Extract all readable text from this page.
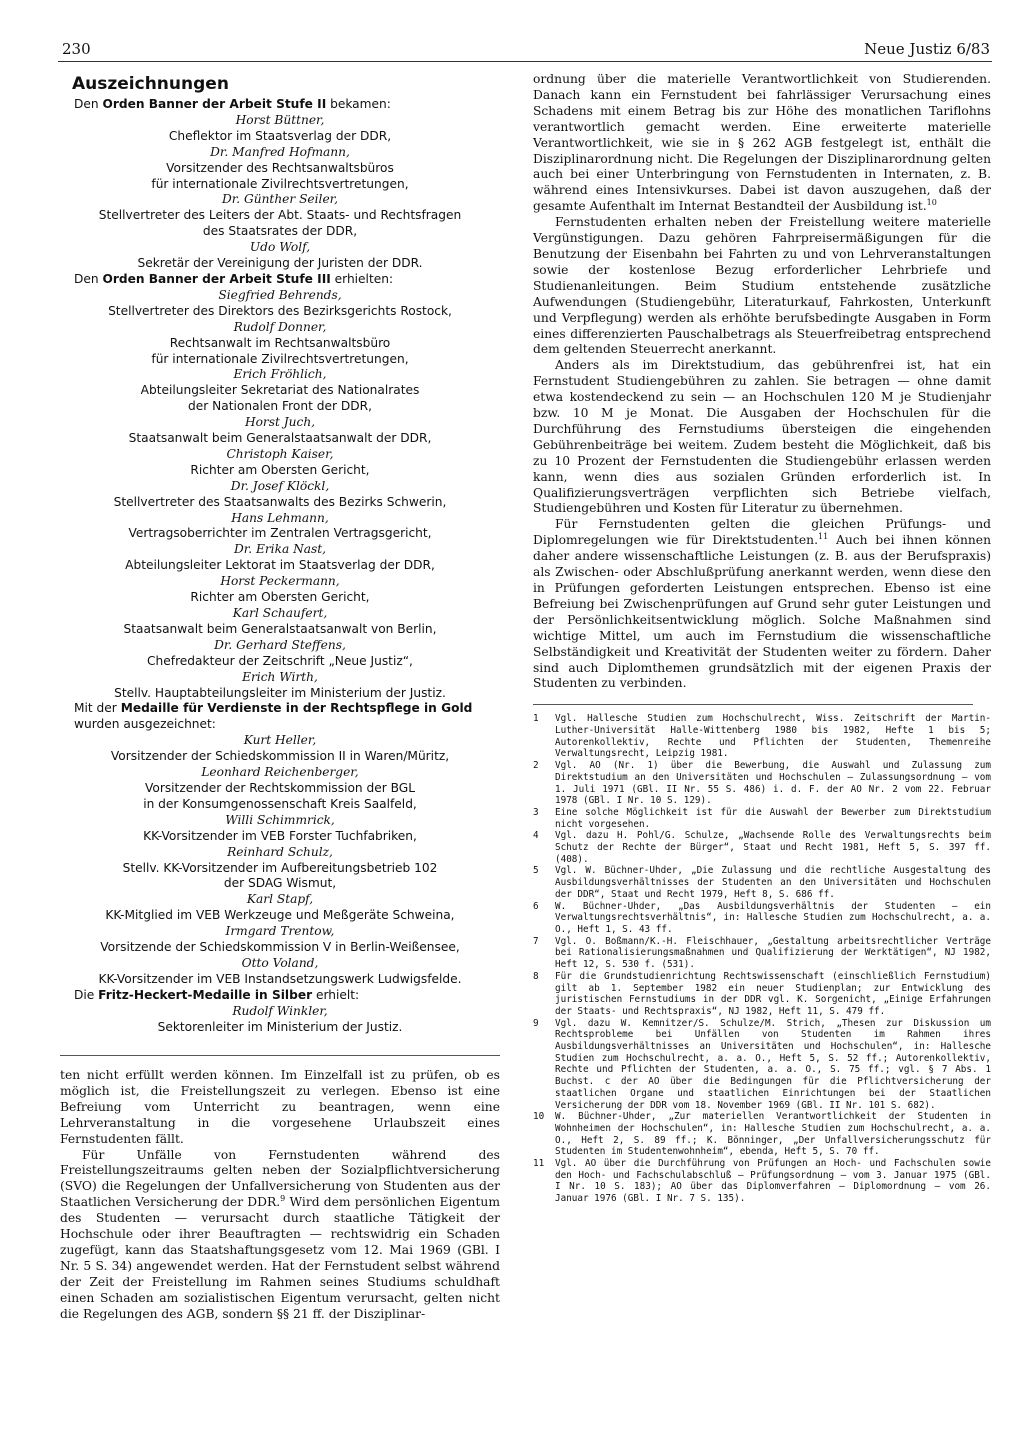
230	Neue Justiz 6/83
Auszeichnungen
Den Orden Banner der Arbeit Stufe II bekamen:
Horst Büttner,
Cheflektor im Staatsverlag der DDR,
Dr. Manfred Hofmann,
Vorsitzender des Rechtsanwaltsbüros
für internationale Zivilrechtsvertretungen,
Dr. Günther Seiler,
Stellvertreter des Leiters der Abt. Staats- und Rechtsfragen
des Staatsrates der DDR,
Udo Wolf,
Sekretär der Vereinigung der Juristen der DDR.
Den Orden Banner der Arbeit Stufe III erhielten:
Siegfried Behrends,
Stellvertreter des Direktors des Bezirksgerichts Rostock,
Rudolf Donner,
Rechtsanwalt im Rechtsanwaltsbüro
für internationale Zivilrechtsvertretungen,
Erich Fröhlich,
Abteilungsleiter Sekretariat des Nationalrates
der Nationalen Front der DDR,
Horst Juch,
Staatsanwalt beim Generalstaatsanwalt der DDR,
Christoph Kaiser,
Richter am Obersten Gericht,
Dr. Josef Klöckl,
Stellvertreter des Staatsanwalts des Bezirks Schwerin,
Hans Lehmann,
Vertragsoberrichter im Zentralen Vertragsgericht,
Dr. Erika Nast,
Abteilungsleiter Lektorat im Staatsverlag der DDR,
Horst Peckermann,
Richter am Obersten Gericht,
Karl Schaufert,
Staatsanwalt beim Generalstaatsanwalt von Berlin,
Dr. Gerhard Steffens,
Chefredakteur der Zeitschrift „Neue Justiz“,
Erich Wirth,
Stellv. Hauptabteilungsleiter im Ministerium der Justiz.
Mit der Medaille für Verdienste in der Rechtspflege in Gold wurden ausgezeichnet:
Kurt Heller,
Vorsitzender der Schiedskommission II in Waren/Müritz,
Leonhard Reichenberger,
Vorsitzender der Rechtskommission der BGL
in der Konsumgenossenschaft Kreis Saalfeld,
Willi Schimmrick,
KK-Vorsitzender im VEB Forster Tuchfabriken,
Reinhard Schulz,
Stellv. KK-Vorsitzender im Aufbereitungsbetrieb 102
der SDAG Wismut,
Karl Stapf,
KK-Mitglied im VEB Werkzeuge und Meßgeräte Schweina,
Irmgard Trentow,
Vorsitzende der Schiedskommission V in Berlin-Weißensee,
Otto Voland,
KK-Vorsitzender im VEB Instandsetzungswerk Ludwigsfelde.
Die Fritz-Heckert-Medaille in Silber erhielt:
Rudolf Winkler,
Sektorenleiter im Ministerium der Justiz.

ten nicht erfüllt werden können. Im Einzelfall ist zu prüfen, ob es möglich ist, die Freistellungszeit zu verlegen. Ebenso ist eine Befreiung vom Unterricht zu beantragen, wenn eine Lehrveranstaltung in die vorgesehene Urlaubszeit eines Fernstudenten fällt.

Für Unfälle von Fernstudenten während des Freistellungszeitraums gelten neben der Sozialpflichtversicherung (SVO) die Regelungen der Unfallversicherung von Studenten aus der Staatlichen Versicherung der DDR.$^9$ Wird dem persönlichen Eigentum des Studenten — verursacht durch staatliche Tätigkeit der Hochschule oder ihrer Beauftragten — rechtswidrig ein Schaden zugefügt, kann das Staatshaftungsgesetz vom 12. Mai 1969 (GBl. I Nr. 5 S. 34) angewendet werden. Hat der Fernstudent selbst während der Zeit der Freistellung im Rahmen seines Studiums schuldhaft einen Schaden am sozialistischen Eigentum verursacht, gelten nicht die Regelungen des AGB, sondern §§ 21 ff. der Disziplinar-

ordnung über die materielle Verantwortlichkeit von Studierenden. Danach kann ein Fernstudent bei fahrlässiger Verursachung eines Schadens mit einem Betrag bis zur Höhe des monatlichen Tariflohns verantwortlich gemacht werden. Eine erweiterte materielle Verantwortlichkeit, wie sie in § 262 AGB festgelegt ist, enthält die Disziplinarordnung nicht. Die Regelungen der Disziplinarordnung gelten auch bei einer Unterbringung von Fernstudenten in Internaten, z. B. während eines Intensivkurses. Dabei ist davon auszugehen, daß der gesamte Aufenthalt im Internat Bestandteil der Ausbildung ist.$^{10}$

Fernstudenten erhalten neben der Freistellung weitere materielle Vergünstigungen. Dazu gehören Fahrpreisermäßigungen für die Benutzung der Eisenbahn bei Fahrten zu und von Lehrveranstaltungen sowie der kostenlose Bezug erforderlicher Lehrbriefe und Studienanleitungen. Beim Studium entstehende zusätzliche Aufwendungen (Studiengebühr, Literaturkauf, Fahrkosten, Unterkunft und Verpflegung) werden als erhöhte berufsbedingte Ausgaben in Form eines differenzierten Pauschalbetrags als Steuerfreibetrag entsprechend dem geltenden Steuerrecht anerkannt.

Anders als im Direktstudium, das gebührenfrei ist, hat ein Fernstudent Studiengebühren zu zahlen. Sie betragen — ohne damit etwa kostendeckend zu sein — an Hochschulen 120 M je Studienjahr bzw. 10 M je Monat. Die Ausgaben der Hochschulen für die Durchführung des Fernstudiums übersteigen die eingehenden Gebührenbeiträge bei weitem. Zudem besteht die Möglichkeit, daß bis zu 10 Prozent der Fernstudenten die Studiengebühr erlassen werden kann, wenn dies aus sozialen Gründen erforderlich ist. In Qualifizierungsverträgen verpflichten sich Betriebe vielfach, Studiengebühren und Kosten für Literatur zu übernehmen.

Für Fernstudenten gelten die gleichen Prüfungs- und Diplomregelungen wie für Direktstudenten.$^{11}$ Auch bei ihnen können daher andere wissenschaftliche Leistungen (z. B. aus der Berufspraxis) als Zwischen- oder Abschlußprüfung anerkannt werden, wenn diese den in Prüfungen geforderten Leistungen entsprechen. Ebenso ist eine Befreiung bei Zwischenprüfungen auf Grund sehr guter Leistungen und der Persönlichkeitsentwicklung möglich. Solche Maßnahmen sind wichtige Mittel, um auch im Fernstudium die wissenschaftliche Selbständigkeit und Kreativität der Studenten weiter zu fördern. Daher sind auch Diplomthemen grundsätzlich mit der eigenen Praxis der Studenten zu verbinden.

1	Vgl. Hallesche Studien zum Hochschulrecht, Wiss. Zeitschrift der Martin-Luther-Universität Halle-Wittenberg 1980 bis 1982, Hefte 1 bis 5; Autorenkollektiv, Rechte und Pflichten der Studenten, Themenreihe Verwaltungsrecht, Leipzig 1981.
2	Vgl. AO (Nr. 1) über die Bewerbung, die Auswahl und Zulassung zum Direktstudium an den Universitäten und Hochschulen — Zulassungsordnung — vom 1. Juli 1971 (GBl. II Nr. 55 S. 486) i. d. F. der AO Nr. 2 vom 22. Februar 1978 (GBl. I Nr. 10 S. 129).
3	Eine solche Möglichkeit ist für die Auswahl der Bewerber zum Direktstudium nicht vorgesehen.
4	Vgl. dazu H. Pohl/G. Schulze, „Wachsende Rolle des Verwaltungsrechts beim Schutz der Rechte der Bürger“, Staat und Recht 1981, Heft 5, S. 397 ff. (408).
5	Vgl. W. Büchner-Uhder, „Die Zulassung und die rechtliche Ausgestaltung des Ausbildungsverhältnisses der Studenten an den Universitäten und Hochschulen der DDR“, Staat und Recht 1979, Heft 8, S. 686 ff.
6	W. Büchner-Uhder, „Das Ausbildungsverhältnis der Studenten — ein Verwaltungsrechtsverhältnis“, in: Hallesche Studien zum Hochschulrecht, a. a. O., Heft 1, S. 43 ff.
7	Vgl. O. Boßmann/K.-H. Fleischhauer, „Gestaltung arbeitsrechtlicher Verträge bei Rationalisierungsmaßnahmen und Qualifizierung der Werktätigen“, NJ 1982, Heft 12, S. 530 f. (531).
8	Für die Grundstudienrichtung Rechtswissenschaft (einschließlich Fernstudium) gilt ab 1. September 1982 ein neuer Studienplan; zur Entwicklung des juristischen Fernstudiums in der DDR vgl. K. Sorgenicht, „Einige Erfahrungen der Staats- und Rechtspraxis“, NJ 1982, Heft 11, S. 479 ff.
9	Vgl. dazu W. Kemnitzer/S. Schulze/M. Strich, „Thesen zur Diskussion um Rechtsprobleme bei Unfällen von Studenten im Rahmen ihres Ausbildungsverhältnisses an Universitäten und Hochschulen“, in: Hallesche Studien zum Hochschulrecht, a. a. O., Heft 5, S. 52 ff.; Autorenkollektiv, Rechte und Pflichten der Studenten, a. a. O., S. 75 ff.; vgl. § 7 Abs. 1 Buchst. c der AO über die Bedingungen für die Pflichtversicherung der staatlichen Organe und staatlichen Einrichtungen bei der Staatlichen Versicherung der DDR vom 18. November 1969 (GBl. II Nr. 101 S. 682).
10	W. Büchner-Uhder, „Zur materiellen Verantwortlichkeit der Studenten in Wohnheimen der Hochschulen“, in: Hallesche Studien zum Hochschulrecht, a. a. O., Heft 2, S. 89 ff.; K. Bönninger, „Der Unfallversicherungsschutz für Studenten im Studentenwohnheim“, ebenda, Heft 5, S. 70 ff.
11	Vgl. AO über die Durchführung von Prüfungen an Hoch- und Fachschulen sowie den Hoch- und Fachschulabschluß — Prüfungsordnung — vom 3. Januar 1975 (GBl. I Nr. 10 S. 183); AO über das Diplomverfahren — Diplomordnung — vom 26. Januar 1976 (GBl. I Nr. 7 S. 135).
